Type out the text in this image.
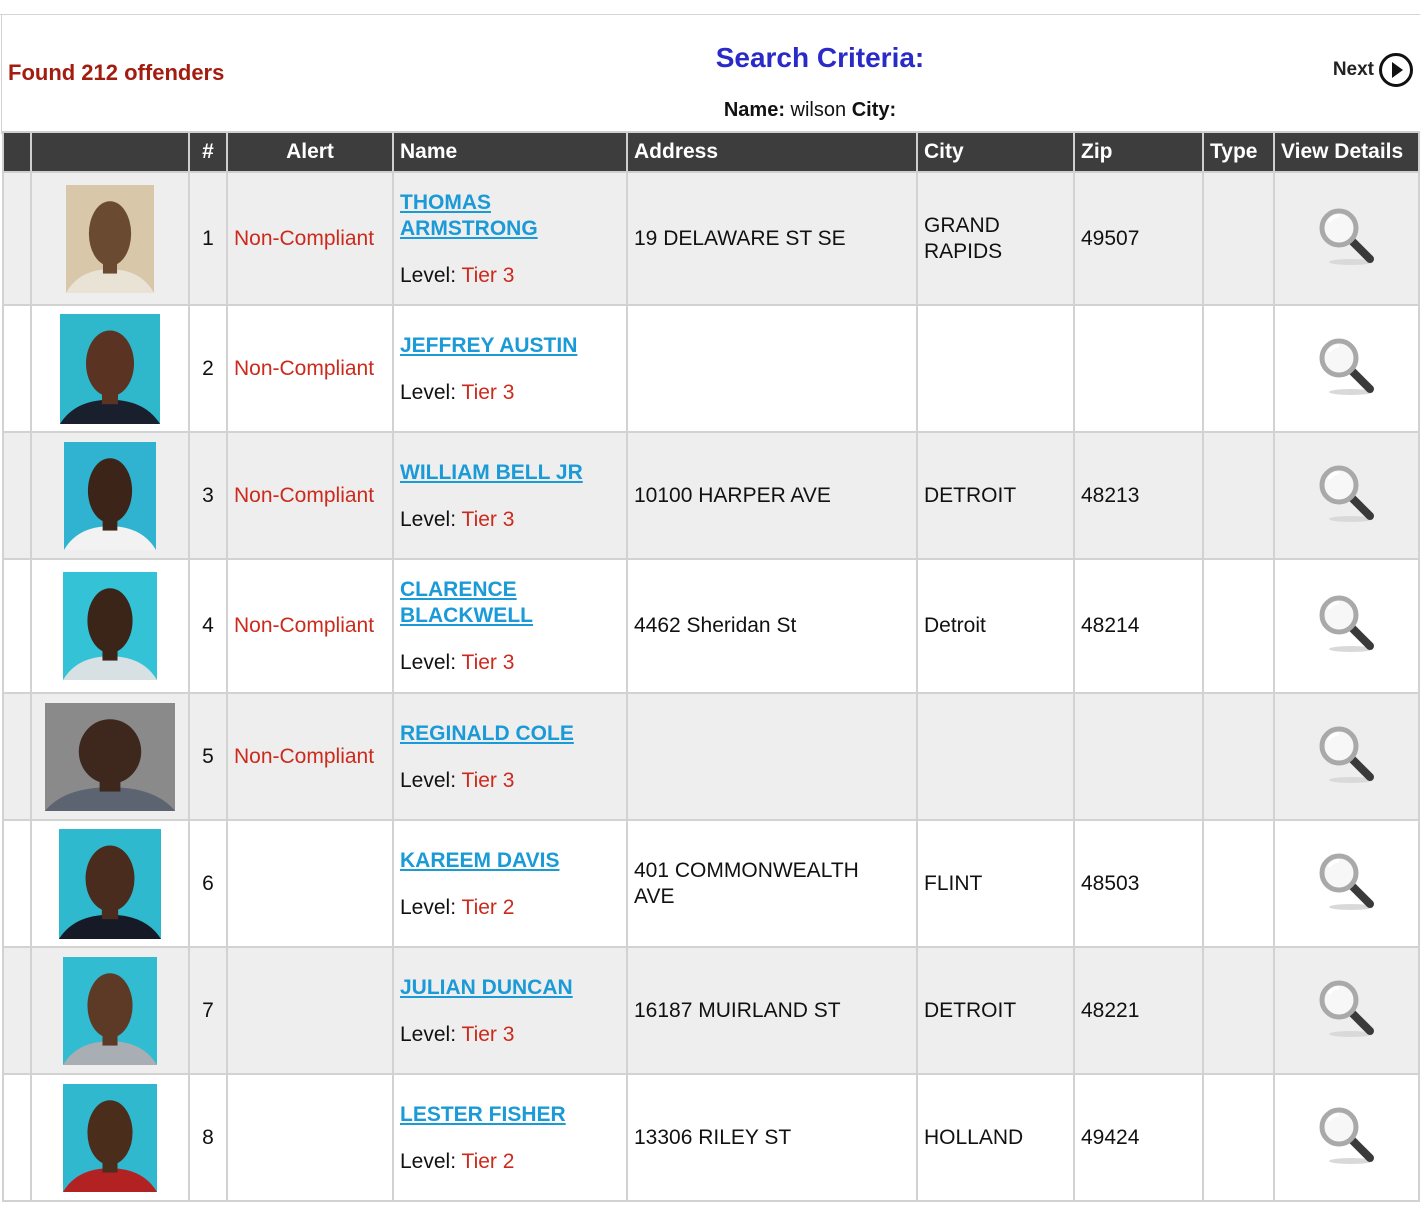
Found 212 offenders	Search Criteria:
Name: wilson City:
Next
		#	Alert	Name	Address	City	Zip	Type	View Details

	1	Non-Compliant	THOMAS
ARMSTRONG
Level: Tier 3	19 DELAWARE ST SE	GRAND
RAPIDS	49507		

	2	Non-Compliant	JEFFREY AUSTIN
Level: Tier 3

	3	Non-Compliant	WILLIAM BELL JR
Level: Tier 3	10100 HARPER AVE	DETROIT	48213		

	4	Non-Compliant	CLARENCE
BLACKWELL
Level: Tier 3	4462 Sheridan St	Detroit	48214		

	5	Non-Compliant	REGINALD COLE
Level: Tier 3

	6		KAREEM DAVIS
Level: Tier 2	401 COMMONWEALTH
AVE	FLINT	48503		

	7		JULIAN DUNCAN
Level: Tier 3	16187 MUIRLAND ST	DETROIT	48221		

	8		LESTER FISHER
Level: Tier 2	13306 RILEY ST	HOLLAND	49424		
